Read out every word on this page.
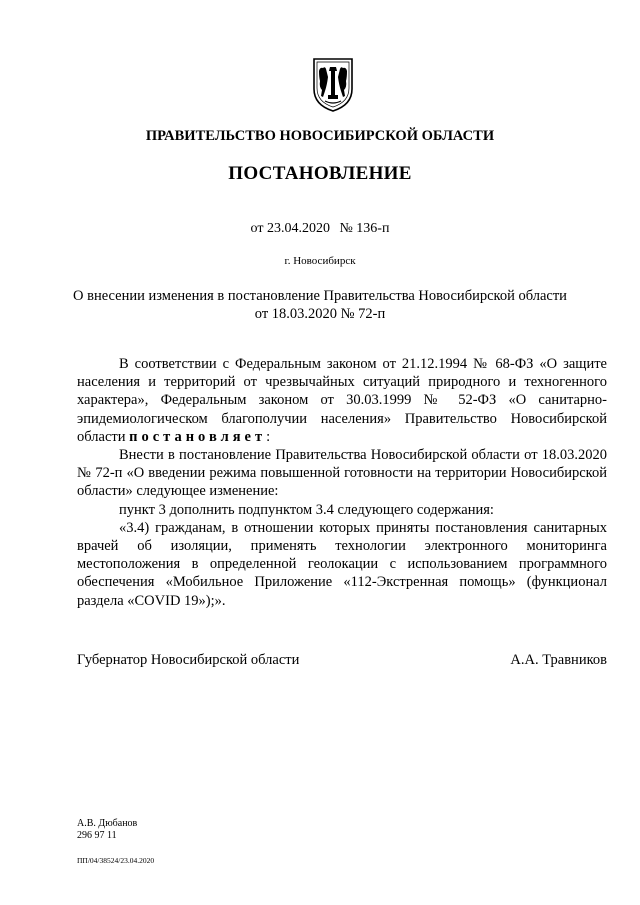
ПРАВИТЕЛЬСТВО НОВОСИБИРСКОЙ ОБЛАСТИ
ПОСТАНОВЛЕНИЕ
от 23.04.2020 № 136-п
г. Новосибирск
О внесении изменения в постановление Правительства Новосибирской области
от 18.03.2020 № 72-п

В соответствии с Федеральным законом от 21.12.1994 № 68-ФЗ «О защите населения и территорий от чрезвычайных ситуаций природного и техногенного характера», Федеральным законом от 30.03.1999 № 52-ФЗ «О санитарно-эпидемиологическом благополучии населения» Правительство Новосибирской области постановляет:

Внести в постановление Правительства Новосибирской области от 18.03.2020 № 72-п «О введении режима повышенной готовности на территории Новосибирской области» следующее изменение:

пункт 3 дополнить подпунктом 3.4 следующего содержания:

«3.4) гражданам, в отношении которых приняты постановления санитарных врачей об изоляции, применять технологии электронного мониторинга местоположения в определенной геолокации с использованием программного обеспечения «Мобильное Приложение «112-Экстренная помощь» (функционал раздела «COVID 19»);».

Губернатор Новосибирской области	А.А. Травников
А.В. Дюбанов
296 97 11
ПП/04/38524/23.04.2020
